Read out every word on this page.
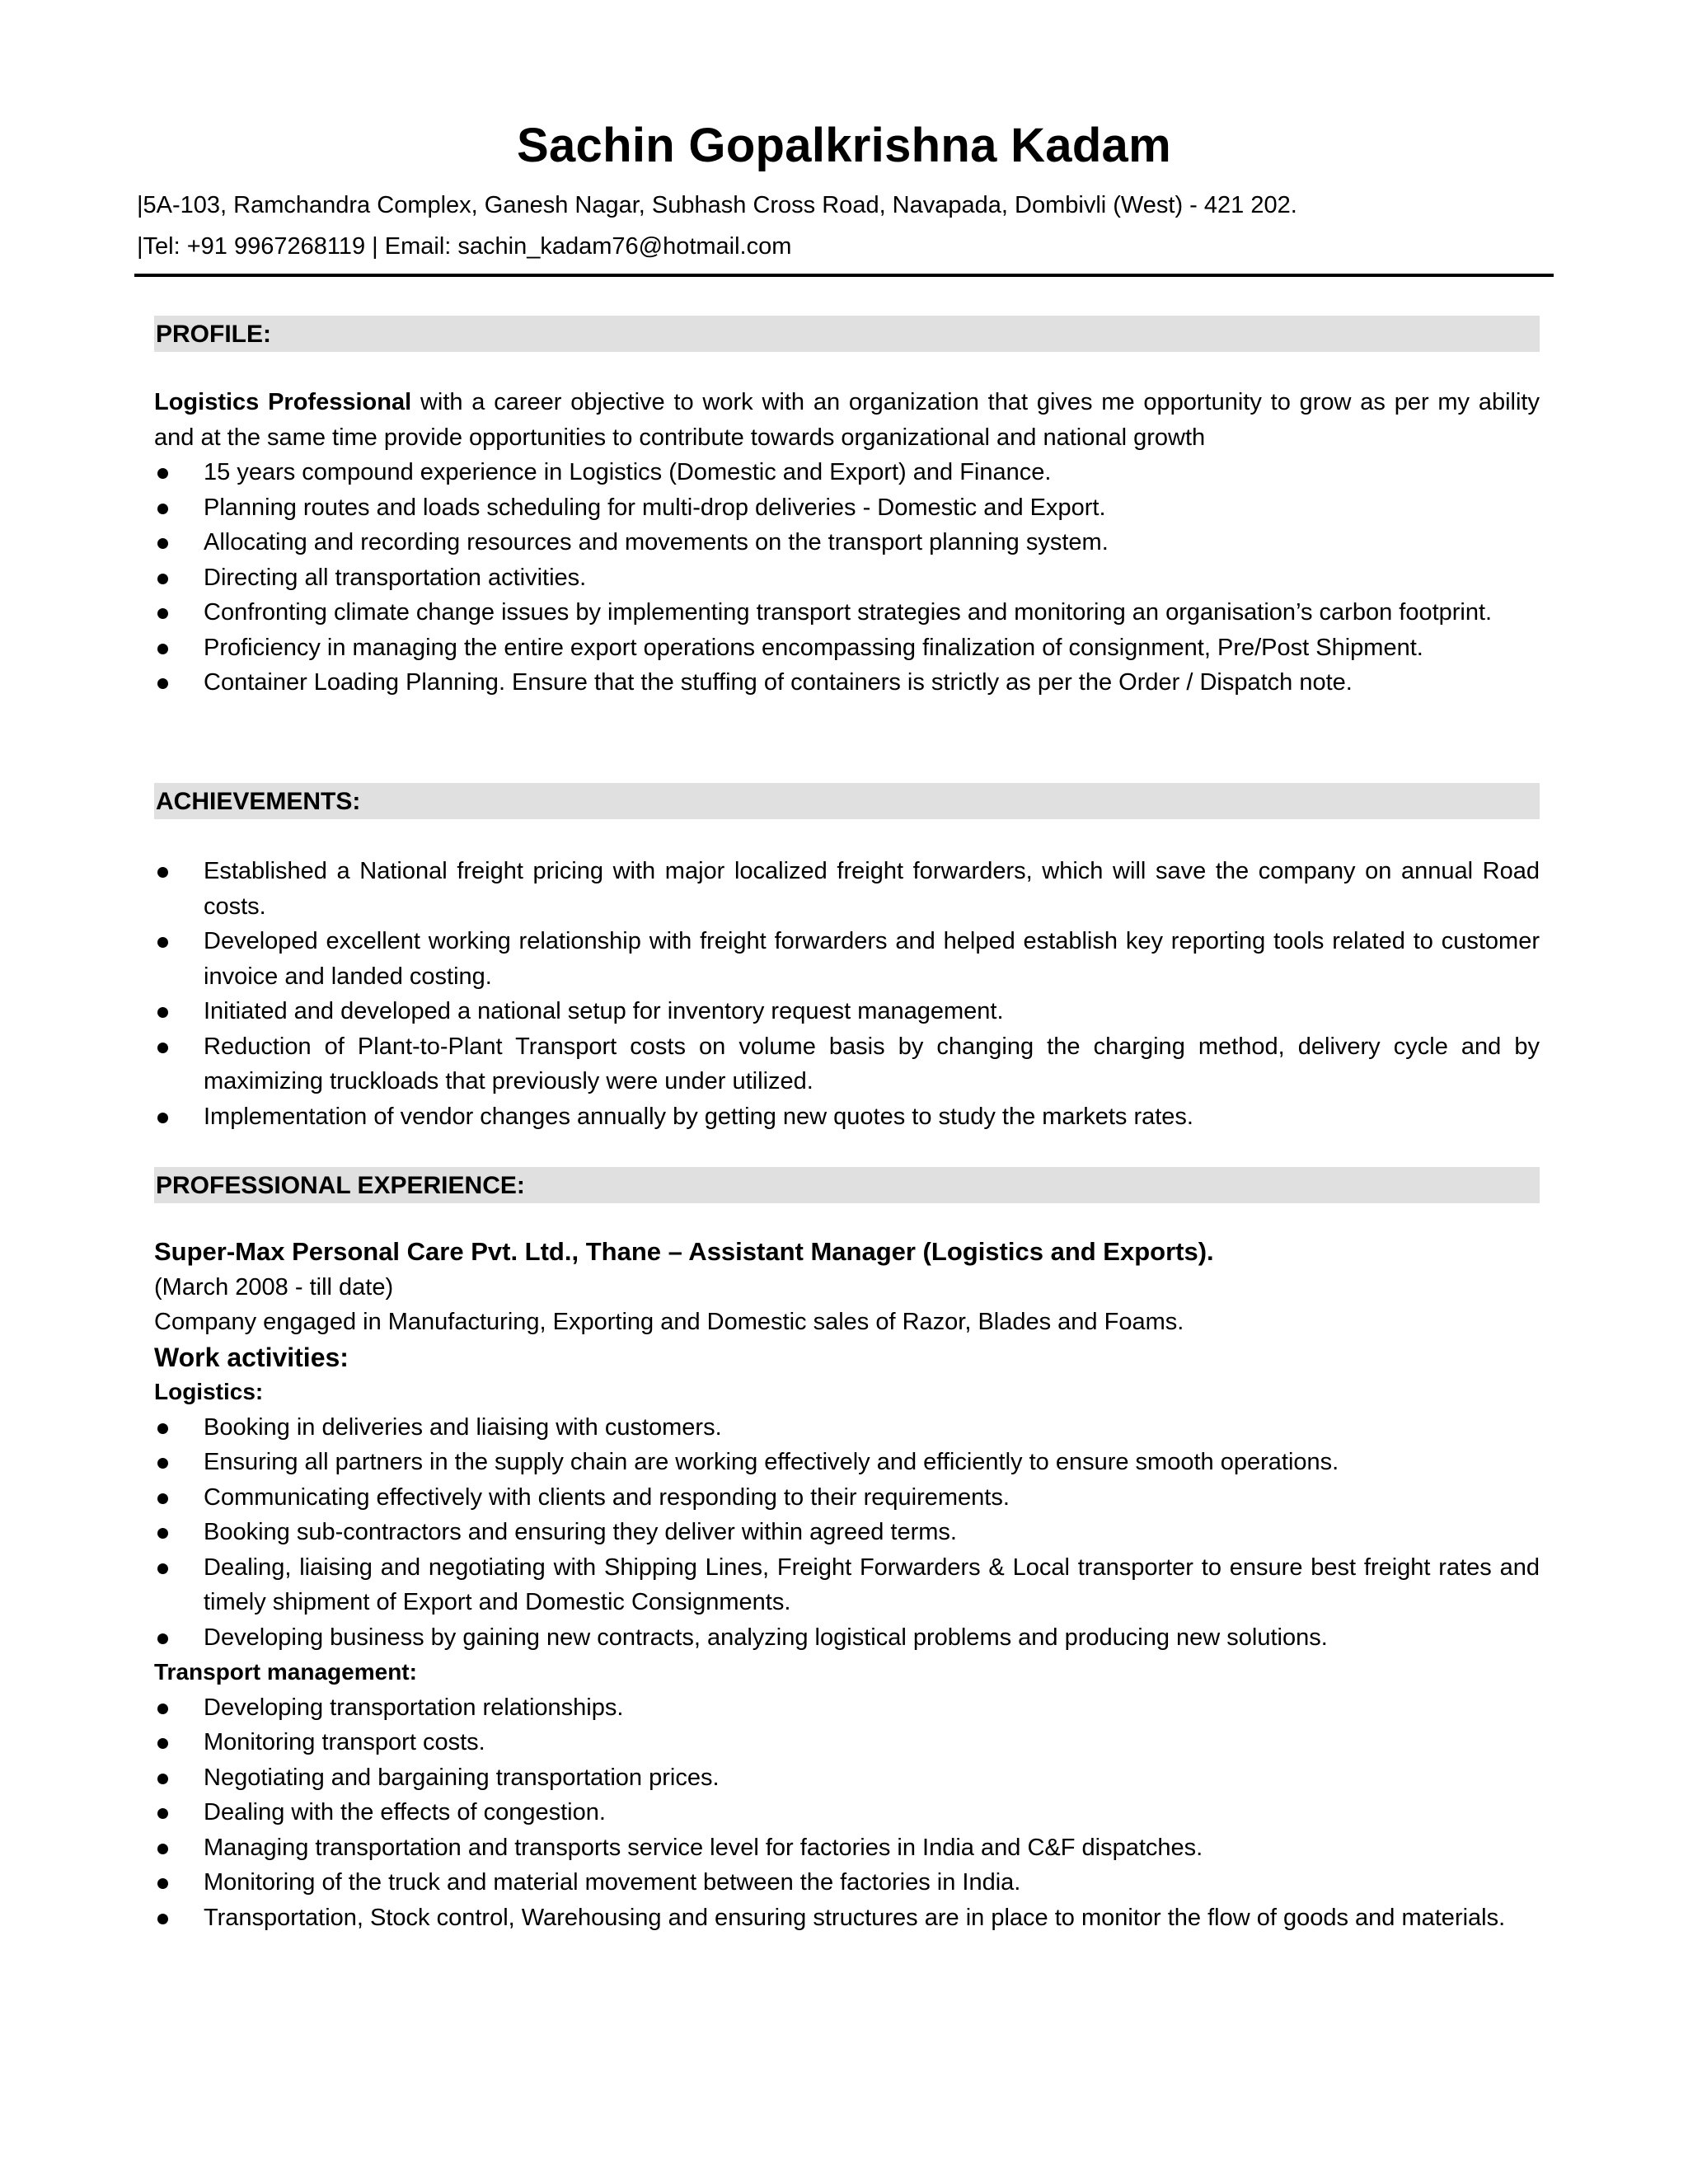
Sachin Gopalkrishna Kadam
|5A-103, Ramchandra Complex, Ganesh Nagar, Subhash Cross Road, Navapada, Dombivli (West) - 421 202.
|Tel: +91 9967268119 | Email: sachin_kadam76@hotmail.com
PROFILE:

Logistics Professional with a career objective to work with an organization that gives me opportunity to grow as per my ability and at the same time provide opportunities to contribute towards organizational and national growth

15 years compound experience in Logistics (Domestic and Export) and Finance.
Planning routes and loads scheduling for multi-drop deliveries - Domestic and Export.
Allocating and recording resources and movements on the transport planning system.
Directing all transportation activities.
Confronting climate change issues by implementing transport strategies and monitoring an organisation’s carbon footprint.
Proficiency in managing the entire export operations encompassing finalization of consignment, Pre/Post Shipment.
Container Loading Planning. Ensure that the stuffing of containers is strictly as per the Order / Dispatch note.
ACHIEVEMENTS:
Established a National freight pricing with major localized freight forwarders, which will save the company on annual Road costs.
Developed excellent working relationship with freight forwarders and helped establish key reporting tools related to customer invoice and landed costing.
Initiated and developed a national setup for inventory request management.
Reduction of Plant-to-Plant Transport costs on volume basis by changing the charging method, delivery cycle and by maximizing truckloads that previously were under utilized.
Implementation of vendor changes annually by getting new quotes to study the markets rates.
PROFESSIONAL EXPERIENCE:
Super-Max Personal Care Pvt. Ltd., Thane – Assistant Manager (Logistics and Exports).
(March 2008 - till date)
Company engaged in Manufacturing, Exporting and Domestic sales of Razor, Blades and Foams.
Work activities:
Logistics:
Booking in deliveries and liaising with customers.
Ensuring all partners in the supply chain are working effectively and efficiently to ensure smooth operations.
Communicating effectively with clients and responding to their requirements.
Booking sub-contractors and ensuring they deliver within agreed terms.
Dealing, liaising and negotiating with Shipping Lines, Freight Forwarders & Local transporter to ensure best freight rates and timely shipment of Export and Domestic Consignments.
Developing business by gaining new contracts, analyzing logistical problems and producing new solutions.
Transport management:
Developing transportation relationships.
Monitoring transport costs.
Negotiating and bargaining transportation prices.
Dealing with the effects of congestion.
Managing transportation and transports service level for factories in India and C&F dispatches.
Monitoring of the truck and material movement between the factories in India.
Transportation, Stock control, Warehousing and ensuring structures are in place to monitor the flow of goods and materials.
